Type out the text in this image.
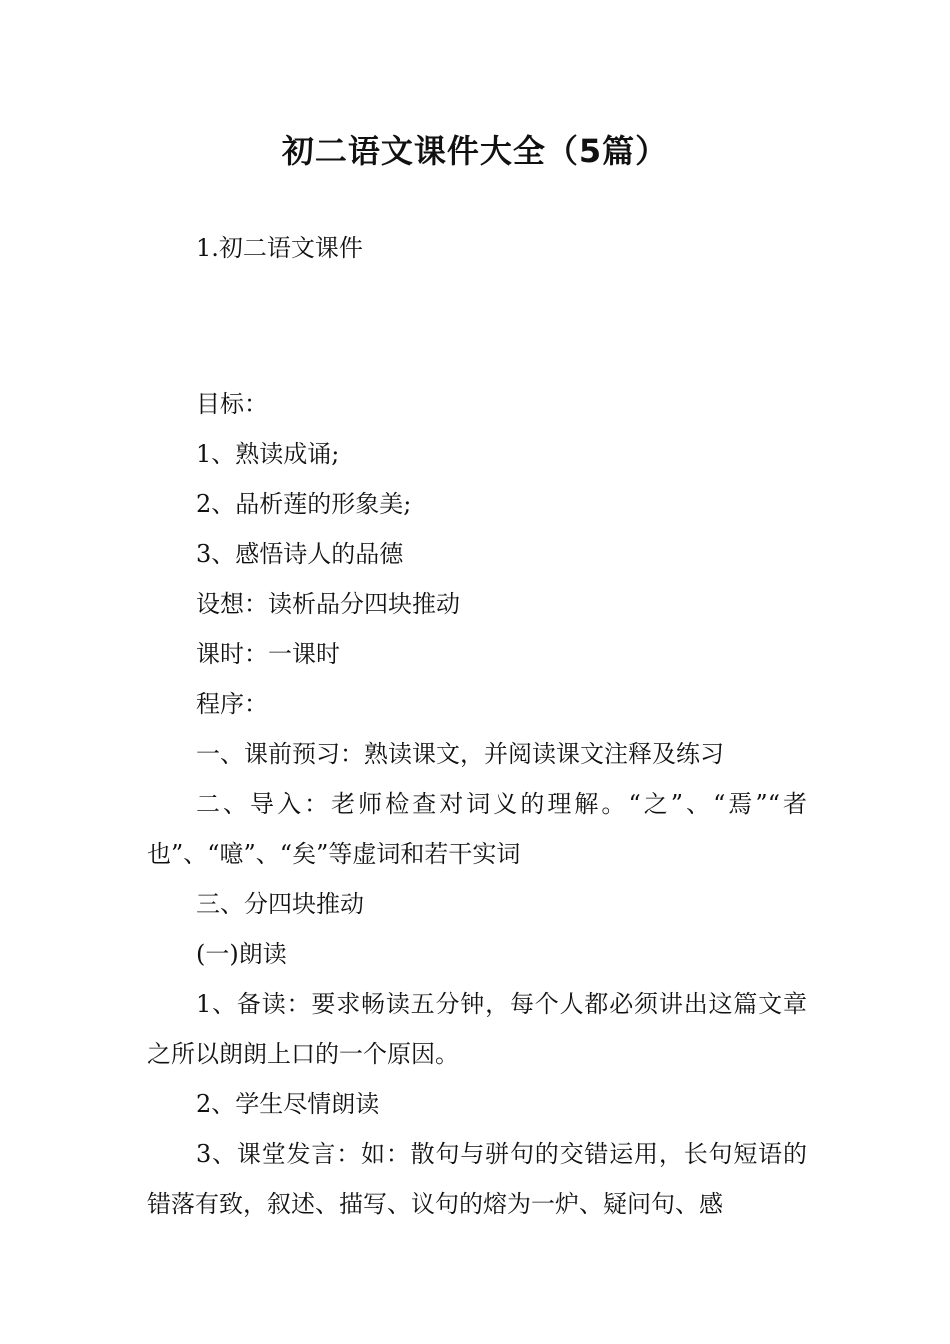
初二语文课件大全（5篇）
1.初二语文课件

目标：

1、熟读成诵;

2、品析莲的形象美;

3、感悟诗人的品德

设想：读析品分四块推动

课时：一课时

程序：

一、课前预习：熟读课文，并阅读课文注释及练习

二、导入：老师检查对词义的理解。“之”、“焉”“者也”、“噫”、“矣”等虚词和若干实词

三、分四块推动

(一)朗读

1、备读：要求畅读五分钟，每个人都必须讲出这篇文章之所以朗朗上口的一个原因。

2、学生尽情朗读

3、课堂发言：如：散句与骈句的交错运用，长句短语的错落有致，叙述、描写、议句的熔为一炉、疑问句、感
